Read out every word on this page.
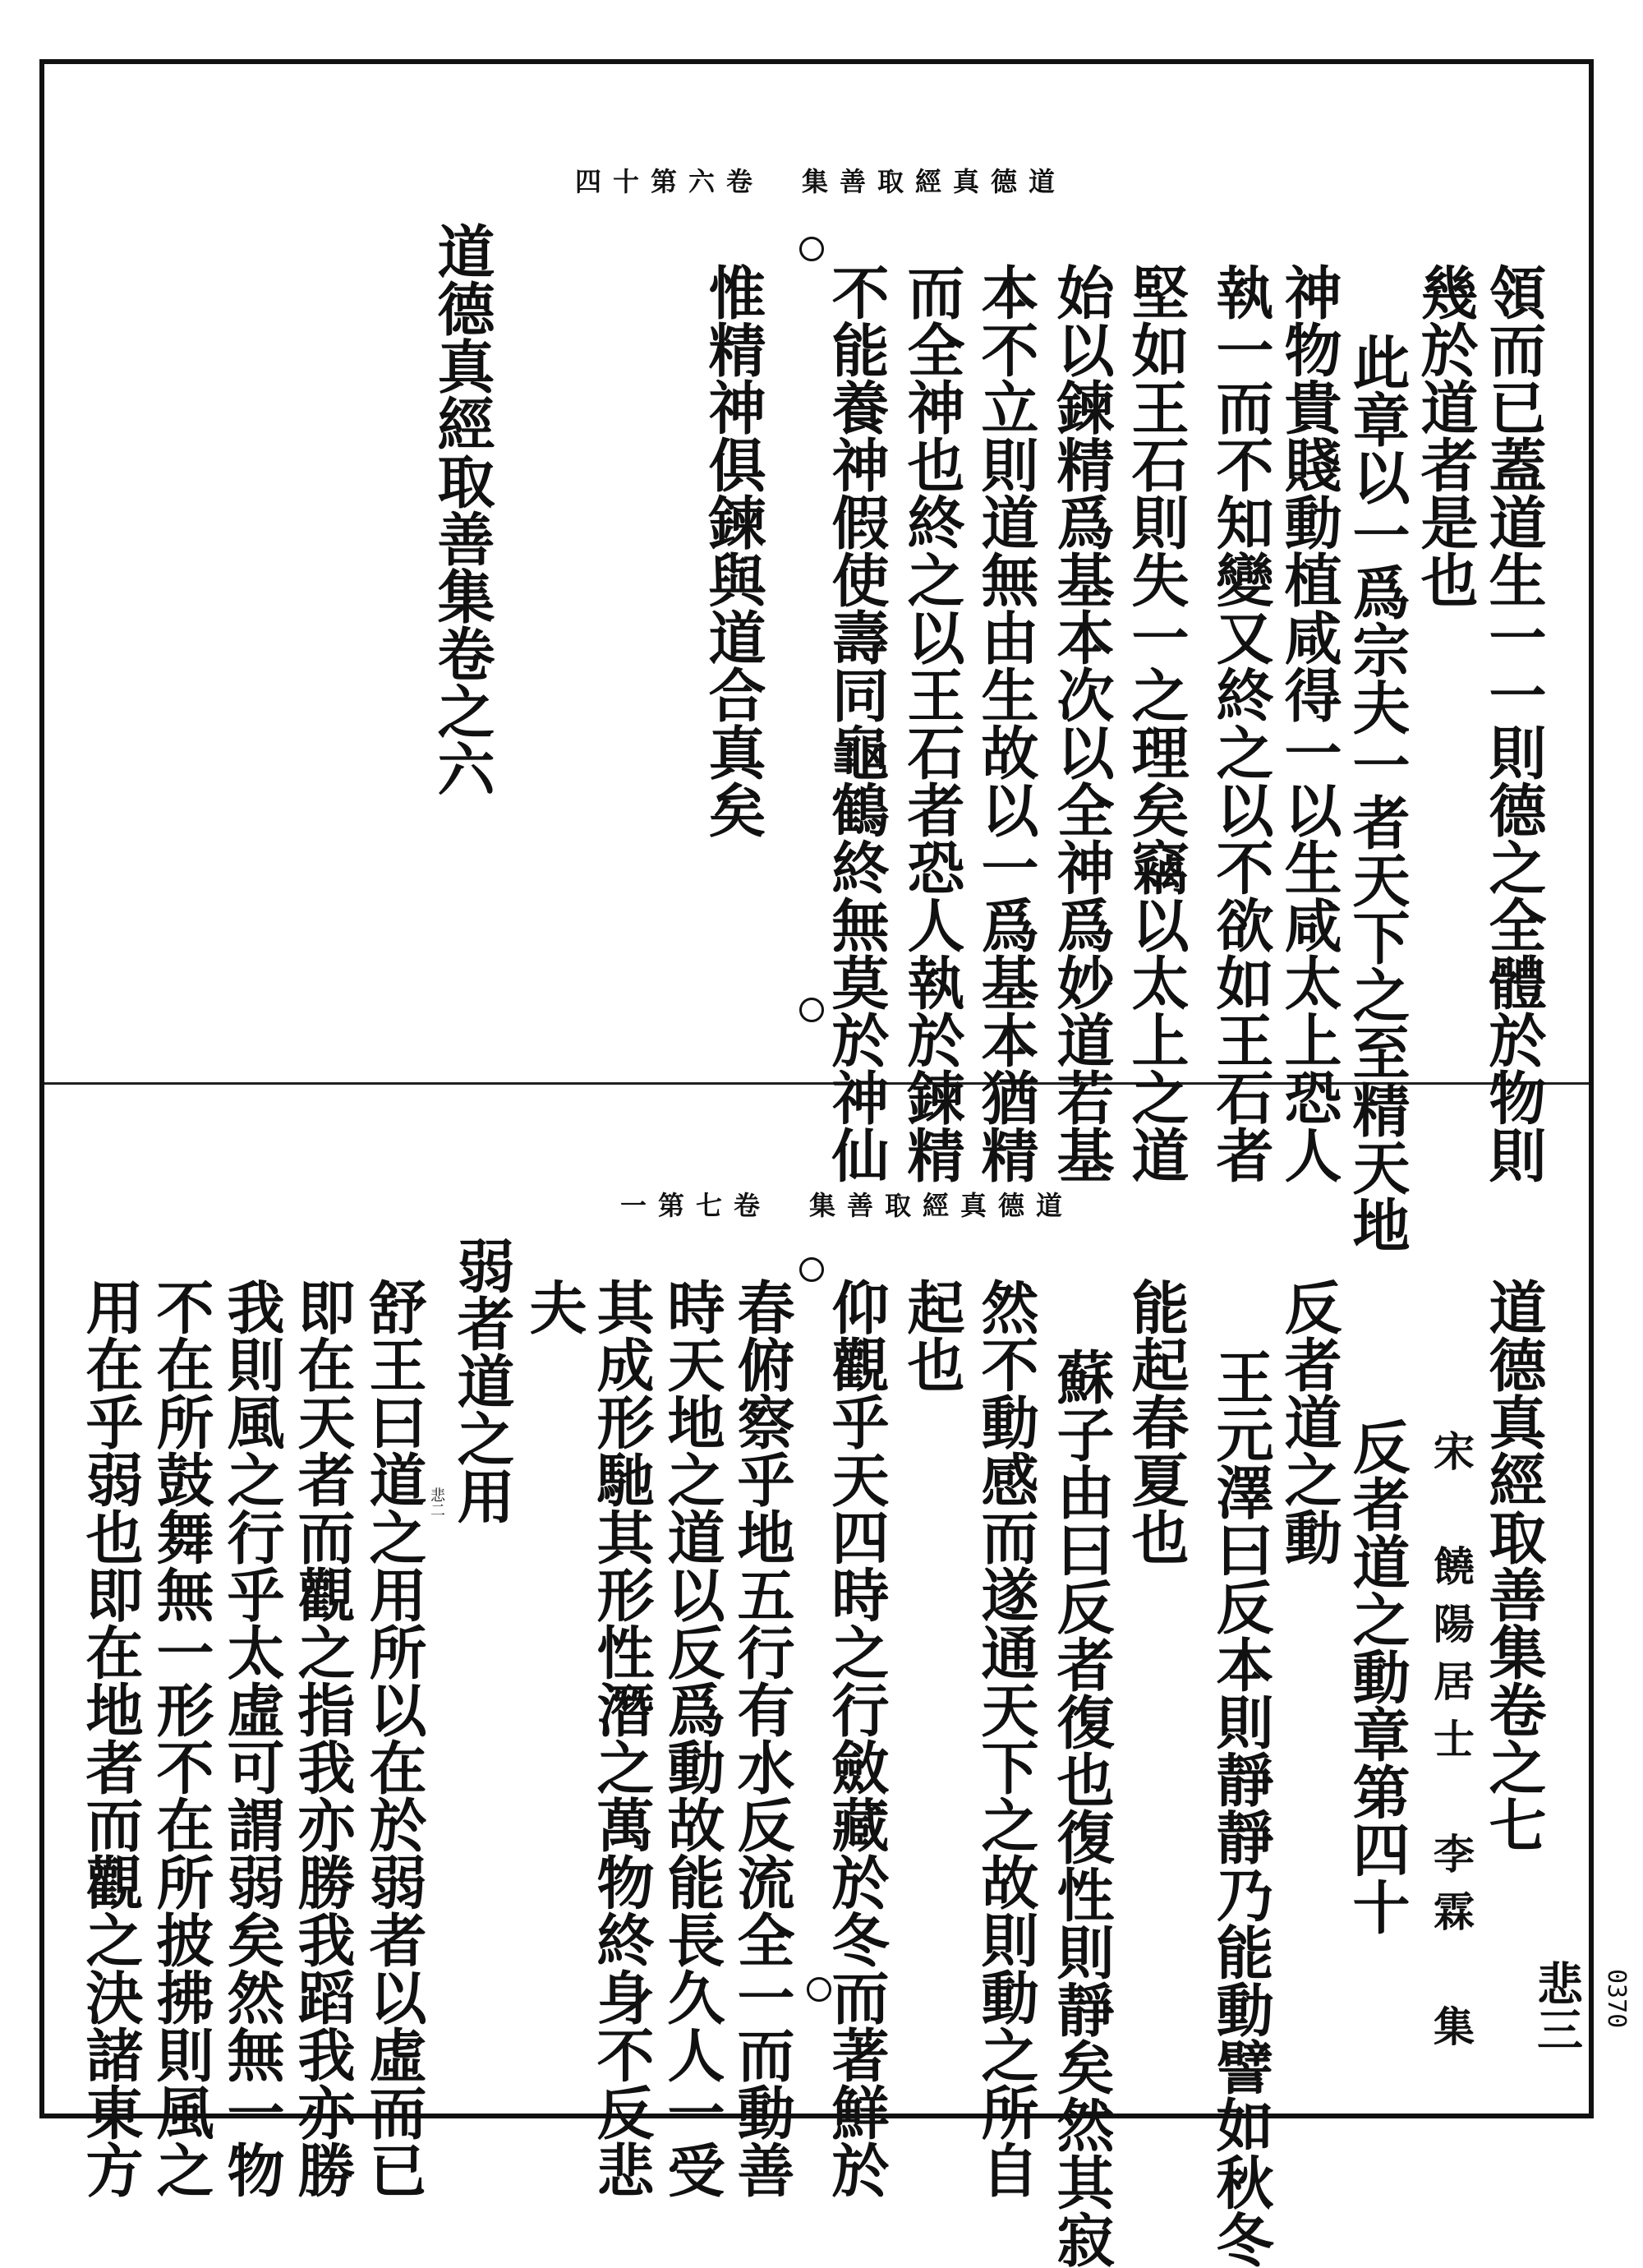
道德真經取善集　卷六第十四
領而已蓋道生一一則德之全體於物則
幾於道者是也
此章以一爲宗夫一者天下之至精天地
神物貴賤動植咸得一以生咸太上恐人
執一而不知變又終之以不欲如王石者
堅如王石則失一之理矣竊以太上之道
始以鍊精爲基本次以全神爲妙道若基
本不立則道無由生故以一爲基本猶精
而全神也終之以王石者恐人執於鍊精
不能養神假使壽同龜鶴終無莫於神仙
惟精神俱鍊與道合真矣
道德真經取善集卷之六
道德真經取善集　卷七第一
道德真經取善集卷之七
宋　饒陽居士　李霖　集
反者道之動章第四十
反者道之動
王元澤曰反本則靜靜乃能動譬如秋冬
能起春夏也
蘇子由曰反者復也復性則靜矣然其寂
然不動感而遂通天下之故則動之所自
起也
仰觀乎天四時之行斂藏於冬而著鮮於
春俯察乎地五行有水反流全一而動善
時天地之道以反爲動故能長久人一受
其成形馳其形性潛之萬物終身不反悲
夫
弱者道之用
舒王曰道之用所以在於弱者以虛而已
即在天者而觀之指我亦勝我蹈我亦勝
我則風之行乎太虛可謂弱矣然無一物
不在所鼓舞無一形不在所披拂則風之
用在乎弱也即在地者而觀之決諸東方	悲三
悲二
0370
